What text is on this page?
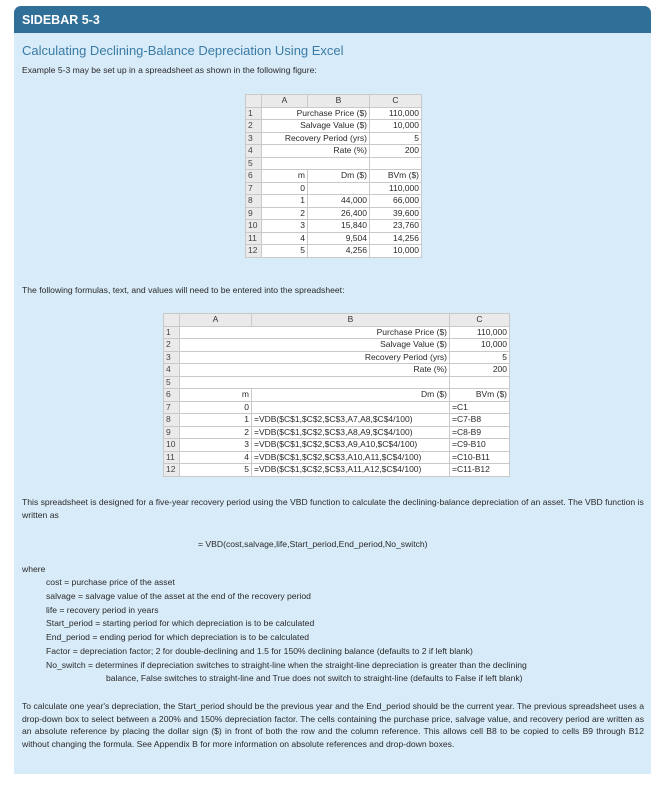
SIDEBAR 5-3
Calculating Declining-Balance Depreciation Using Excel
Example 5-3 may be set up in a spreadsheet as shown in the following figure:
	A	B	C
1	Purchase Price ($)		110,000
2	Salvage Value ($)		10,000
3	Recovery Period (yrs)		5
4	Rate (%)		200
5			
6	m	Dm ($)	BVm ($)
7	0		110,000
8	1	44,000	66,000
9	2	26,400	39,600
10	3	15,840	23,760
11	4	9,504	14,256
12	5	4,256	10,000
The following formulas, text, and values will need to be entered into the spreadsheet:
	A	B	C
1	Purchase Price ($)		110,000
2	Salvage Value ($)		10,000
3	Recovery Period (yrs)		5
4	Rate (%)		200
5			
6	m	Dm ($)	BVm ($)
7	0		=C1
8	1	=VDB($C$1,$C$2,$C$3,A7,A8,$C$4/100)	=C7-B8
9	2	=VDB($C$1,$C$2,$C$3,A8,A9,$C$4/100)	=C8-B9
10	3	=VDB($C$1,$C$2,$C$3,A9,A10,$C$4/100)	=C9-B10
11	4	=VDB($C$1,$C$2,$C$3,A10,A11,$C$4/100)	=C10-B11
12	5	=VDB($C$1,$C$2,$C$3,A11,A12,$C$4/100)	=C11-B12
This spreadsheet is designed for a five-year recovery period using the VBD function to calculate the declining-balance depreciation of an asset. The VBD function is written as
= VBD(cost,salvage,life,Start_period,End_period,No_switch)
where
cost = purchase price of the asset
salvage = salvage value of the asset at the end of the recovery period
life = recovery period in years
Start_period = starting period for which depreciation is to be calculated
End_period = ending period for which depreciation is to be calculated
Factor = depreciation factor; 2 for double-declining and 1.5 for 150% declining balance (defaults to 2 if left blank)
No_switch = determines if depreciation switches to straight-line when the straight-line depreciation is greater than the declining
balance, False switches to straight-line and True does not switch to straight-line (defaults to False if left blank)
To calculate one year's depreciation, the Start_period should be the previous year and the End_period should be the current year. The previous spreadsheet uses a drop-down box to select between a 200% and 150% depreciation factor. The cells containing the purchase price, salvage value, and recovery period are written as an absolute reference by placing the dollar sign ($) in front of both the row and the column reference. This allows cell B8 to be copied to cells B9 through B12 without changing the formula. See Appendix B for more information on absolute references and drop-down boxes.
